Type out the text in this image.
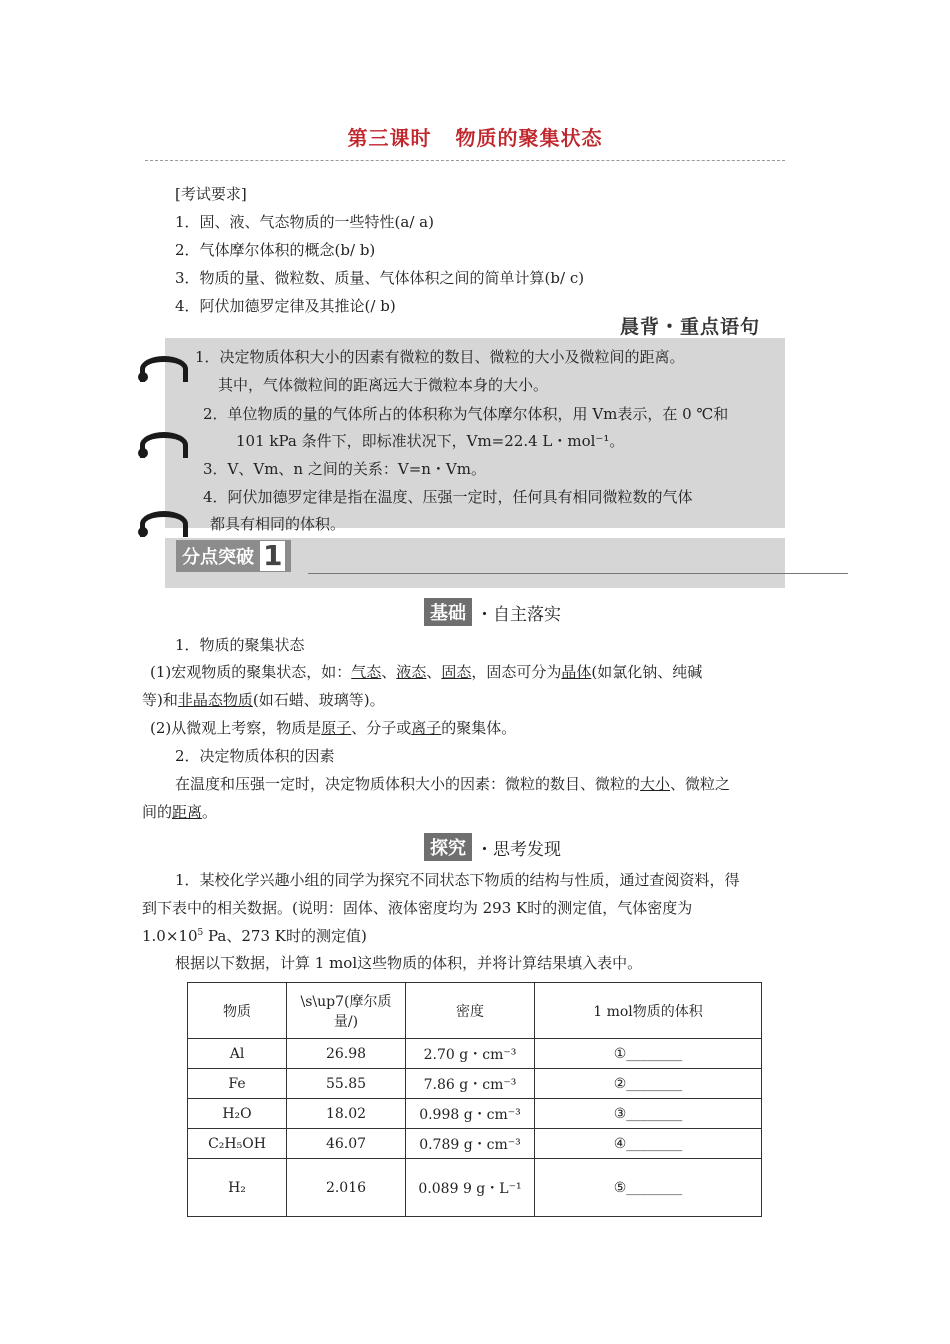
第三课时 物质的聚集状态
[考试要求]
1．固、液、气态物质的一些特性(a/ a)
2．气体摩尔体积的概念(b/ b)
3．物质的量、微粒数、质量、气体体积之间的简单计算(b/ c)
4．阿伏加德罗定律及其推论(/ b)
晨背・重点语句
1．决定物质体积大小的因素有微粒的数目、微粒的大小及微粒间的距离。
其中，气体微粒间的距离远大于微粒本身的大小。
2．单位物质的量的气体所占的体积称为气体摩尔体积，用 Vm表示，在 0 ℃和
101 kPa 条件下，即标准状况下，Vm=22.4 L・mol⁻¹。
3．V、Vm、n 之间的关系：V=n・Vm。
4．阿伏加德罗定律是指在温度、压强一定时，任何具有相同微粒数的气体
都具有相同的体积。
分点突破 1
基础 ・自主落实
1．物质的聚集状态
(1)宏观物质的聚集状态，如：气态、液态、固态，固态可分为晶体(如氯化钠、纯碱
等)和非晶态物质(如石蜡、玻璃等)。
(2)从微观上考察，物质是原子、分子或离子的聚集体。
2．决定物质体积的因素
在温度和压强一定时，决定物质体积大小的因素：微粒的数目、微粒的大小、微粒之
间的距离。
探究 ・思考发现
1．某校化学兴趣小组的同学为探究不同状态下物质的结构与性质，通过查阅资料，得
到下表中的相关数据。(说明：固体、液体密度均为 293 K时的测定值，气体密度为
$1.0\times 10^5$ Pa、273 K时的测定值)
根据以下数据，计算 1 mol这些物质的体积，并将计算结果填入表中。
物质	\s\up7(摩尔质量/)	密度	1 mol物质的体积
Al	26.98	2.70 g・cm⁻³	①________
Fe	55.85	7.86 g・cm⁻³	②________
H₂O	18.02	0.998 g・cm⁻³	③________
C₂H₅OH	46.07	0.789 g・cm⁻³	④________
H₂	2.016	0.089 9 g・L⁻¹	⑤________
